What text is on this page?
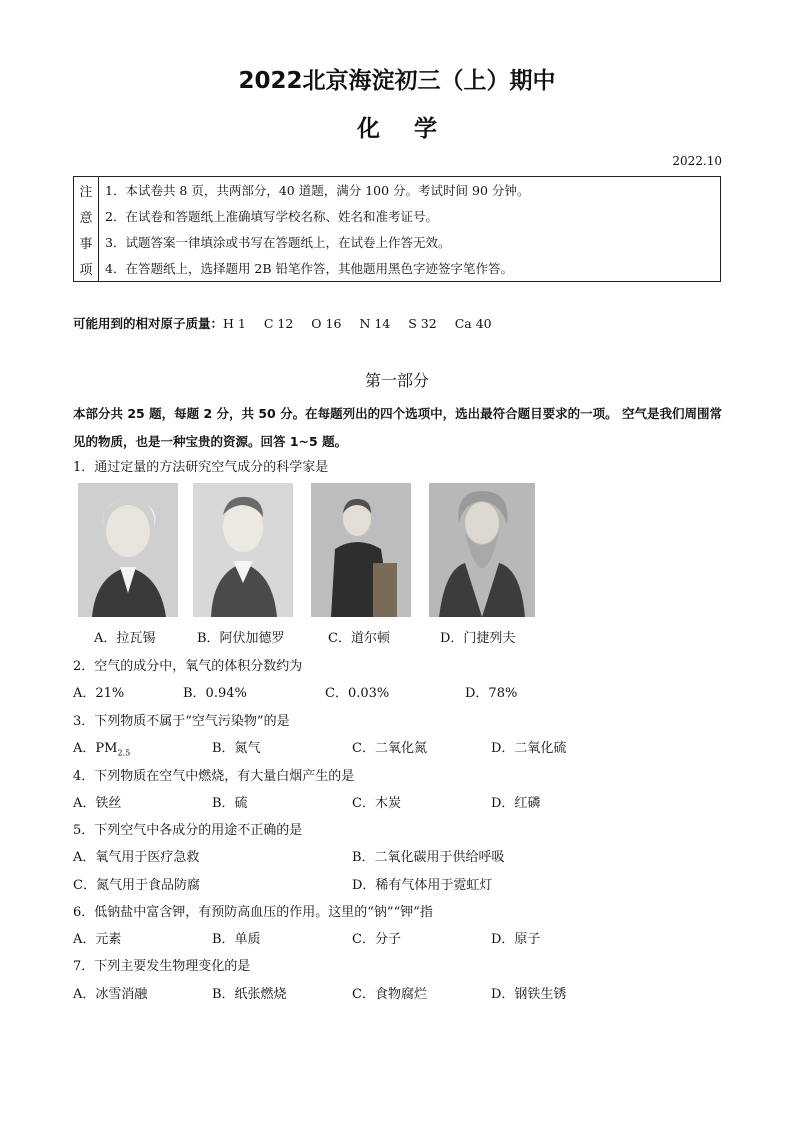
2022北京海淀初三（上）期中
化学
2022.10
注	1．本试卷共 8 页，共两部分，40 道题，满分 100 分。考试时间 90 分钟。
意	2．在试卷和答题纸上准确填写学校名称、姓名和准考证号。
事	3．试题答案一律填涂或书写在答题纸上，在试卷上作答无效。
项	4．在答题纸上，选择题用 2B 铅笔作答，其他题用黑色字迹签字笔作答。
可能用到的相对原子质量：H 1 C 12 O 16 N 14 S 32 Ca 40
第一部分
本部分共 25 题，每题 2 分，共 50 分。在每题列出的四个选项中，选出最符合题目要求的一项。 空气是我们周围常见的物质，也是一种宝贵的资源。回答 1~5 题。
1．通过定量的方法研究空气成分的科学家是
A．拉瓦锡	B．阿伏加德罗	C．道尔顿	D．门捷列夫
2．空气的成分中，氧气的体积分数约为
A．21%	B．0.94%	C．0.03%	D．78%
3．下列物质不属于“空气污染物”的是
A．$PM_{2.5}$	B．氮气	C．二氧化氮	D．二氧化硫
4．下列物质在空气中燃烧，有大量白烟产生的是
A．铁丝	B．硫	C．木炭	D．红磷
5．下列空气中各成分的用途不正确的是
A．氧气用于医疗急救	B．二氧化碳用于供给呼吸
C．氮气用于食品防腐	D．稀有气体用于霓虹灯
6．低钠盐中富含钾，有预防高血压的作用。这里的“钠”“钾”指
A．元素	B．单质	C．分子	D．原子
7．下列主要发生物理变化的是
A．冰雪消融	B．纸张燃烧	C．食物腐烂	D．钢铁生锈
